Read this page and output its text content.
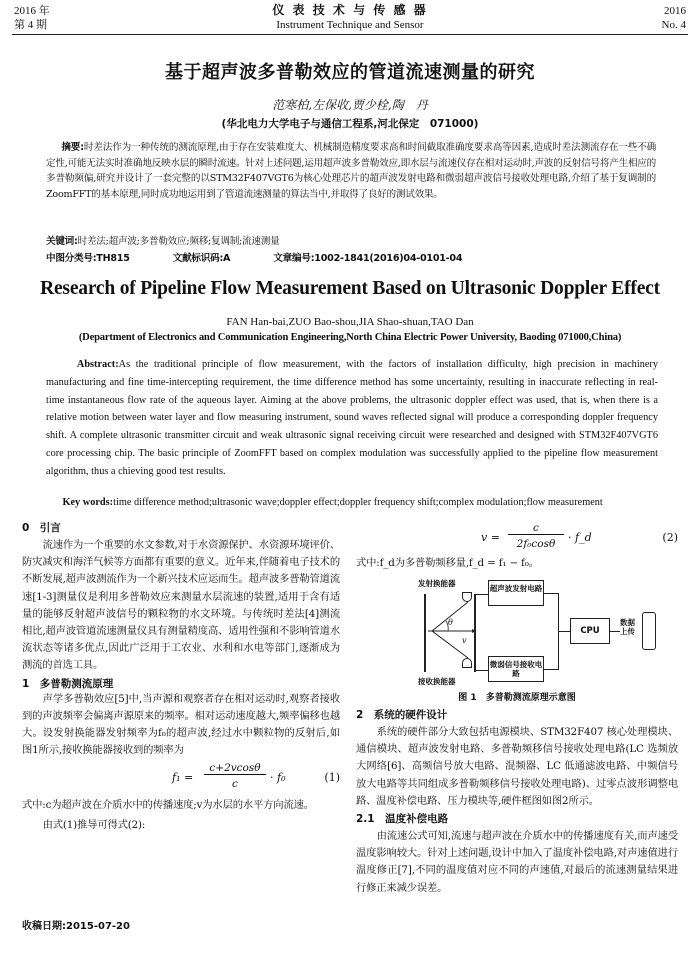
2016 年
第 4 期
仪 表 技 术 与 传 感 器
Instrument Technique and Sensor
2016
No. 4
基于超声波多普勒效应的管道流速测量的研究
范寒柏,左保收,贾少栓,陶　丹
(华北电力大学电子与通信工程系,河北保定　071000)
摘要:时差法作为一种传统的测流原理,由于存在安装难度大、机械制造精度要求高和时间截取准确度要求高等因素,造成时差法测流存在一些不确定性,可能无法实时准确地反映水层的瞬时流速。针对上述问题,运用超声波多普勒效应,即水层与流速仪存在相对运动时,声波的反射信号将产生相应的多普勒频偏,研究并设计了一套完整的以STM32F407VGT6为核心处理芯片的超声波发射电路和微弱超声波信号接收处理电路,介绍了基于复调制的ZoomFFT的基本原理,同时成功地运用到了管道流速测量的算法当中,并取得了良好的测试效果。
关键词:时差法;超声波;多普勒效应;频移;复调制;流速测量
中图分类号:TH815	文献标识码:A	文章编号:1002-1841(2016)04-0101-04
Research of Pipeline Flow Measurement Based on Ultrasonic Doppler Effect
FAN Han-bai,ZUO Bao-shou,JIA Shao-shuan,TAO Dan
(Department of Electronics and Communication Engineering,North China Electric Power University, Baoding 071000,China)
Abstract:As the traditional principle of flow measurement, with the factors of installation difficulty, high precision in machinery manufacturing and fine time-intercepting requirement, the time difference method has some uncertainty, resulting in inaccurate reflecting in real-time instantaneous flow rate of the aqueous layer. Aiming at the above problems, the ultrasonic doppler effect was used, that is, when there is a relative motion between water layer and flow measuring instrument, sound waves reflected signal will produce a corresponding doppler frequency shift. A complete ultrasonic transmitter circuit and weak ultrasonic signal receiving circuit were researched and designed with STM32F407VGT6 core processing chip. The basic principle of ZoomFFT based on complex modulation was successfully applied to the pipeline flow measurement algorithm, thus a chieving good test results.
Key words:time difference method;ultrasonic wave;doppler effect;doppler frequency shift;complex modulation;flow measurement
0　引言
流速作为一个重要的水文参数,对于水资源保护、水资源环境评价、防灾减灾和海洋气候等方面都有重要的意义。近年来,伴随着电子技术的不断发展,超声波测流作为一个新兴技术应运而生。超声波多普勒管道流速[1-3]测量仪是利用多普勒效应来测量水层流速的装置,适用于含有适量的能够反射超声波信号的颗粒物的水文环境。与传统时差法[4]测流相比,超声波管道流速测量仪具有测量精度高、适用性强和不影响管道水流状态等诸多优点,因此广泛用于工农业、水利和水电等部门,逐渐成为测流的首选工具。
1　多普勒测流原理
声学多普勒效应[5]中,当声源和观察者存在相对运动时,观察者接收到的声波频率会偏离声源原来的频率。相对运动速度越大,频率偏移也越大。设发射换能器发射频率为f₀的超声波,经过水中颗粒物的反射后,如图1所示,接收换能器接收到的频率为
f₁ =
c+2vcosθ
c	· f₀	(1)
式中:c为超声波在介质水中的传播速度;v为水层的水平方向流速。
由式(1)推导可得式(2):
收稿日期:2015-07-20
v =
c
2f₀cosθ	· f_d	(2)
式中:f_d为多普勒频移量,f_d = f₁ − f₀。
发射换能器
接收换能器
θ
v
超声波发射电路
微弱信号接收电路
CPU
数据上传
图 1　多普勒测流原理示意图
2　系统的硬件设计
系统的硬件部分大致包括电源模块、STM32F407 核心处理模块、通信模块、超声波发射电路、多普勒频移信号接收处理电路(LC 选频放大网络[6]、高频信号放大电路、混频器、LC 低通滤波电路、中频信号放大电路等共同组成多普勒频移信号接收处理电路)、过零点波形调整电路、温度补偿电路、压力模块等,硬件框图如图2所示。
2.1　温度补偿电路
由流速公式可知,流速与超声波在介质水中的传播速度有关,而声速受温度影响较大。针对上述问题,设计中加入了温度补偿电路,对声速值进行温度修正[7],不同的温度值对应不同的声速值,对最后的流速测量结果进行修正来减少误差。
